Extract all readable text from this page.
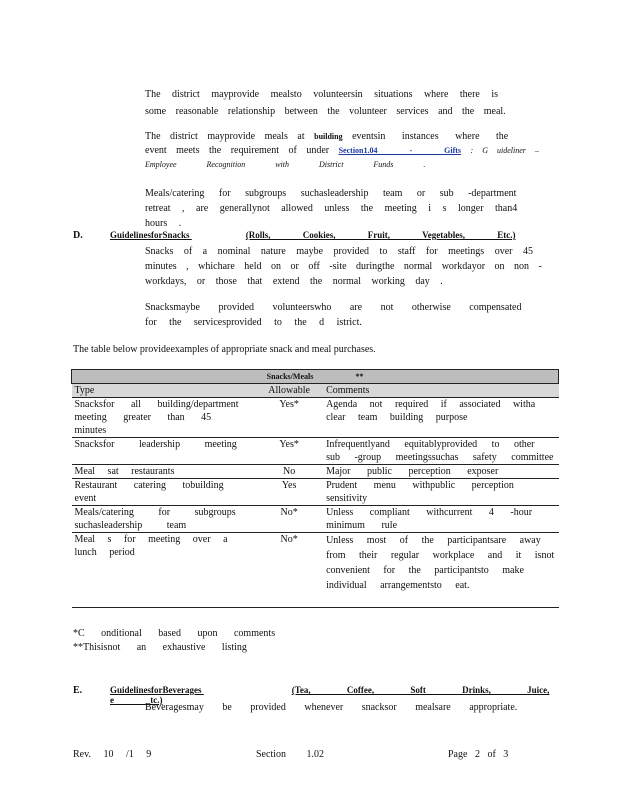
The district mayprovide mealsto volunteersin situations where there is
some reasonable relationship between the volunteer services and the meal.
The district mayprovide meals at building eventsin instances where the
event meets the requirement of under Section1.04 - Gifts : G uideliner –
Employee Recognition with District Funds .
Meals/catering for subgroups suchasleadership team or sub -department
retreat , are generallynot allowed unless the meeting i s longer than4 hours .
D.	GuidelinesforSnacks	(Rolls, Cookies, Fruit, Vegetables, Etc.)
Snacks of a nominal nature maybe provided to staff for meetings over 45
minutes , whichare held on or off -site duringthe normal workdayor on non -
workdays, or those that extend the normal working day .
Snacksmaybe provided volunteerswho are not otherwise compensated
for the servicesprovided to the d istrict.
The table below provideexamples of appropriate snack and meal purchases.
Snacks/Meals **		
Type	Allowable	Comments
Snacksfor all building/department meeting greater than 45 minutes	Yes*	Agenda not required if associated witha clear team building purpose
Snacksfor leadership meeting	Yes*	Infrequentlyand equitablyprovided to other sub -group meetingssuchas safety committee
Meal sat restaurants	No	Major public perception exposer
Restaurant catering tobuilding event	Yes	Prudent menu withpublic perception sensitivity
Meals/catering for subgroups suchasleadership team	No*	Unless compliant withcurrent 4 -hour minimum rule
Meal s for meeting over a lunch period	No*	Unless most of the participantsare away from their regular workplace and it isnot convenient for the participantsto make individual arrangementsto eat.
*C onditional based upon comments
**Thisisnot an exhaustive listing
E.	GuidelinesforBeverages	(Tea, Coffee, Soft Drinks, Juice, e tc.)
Beveragesmay be provided whenever snacksor mealsare appropriate.
Rev. 10 /1 9	Section 1.02	Page 2 of 3
